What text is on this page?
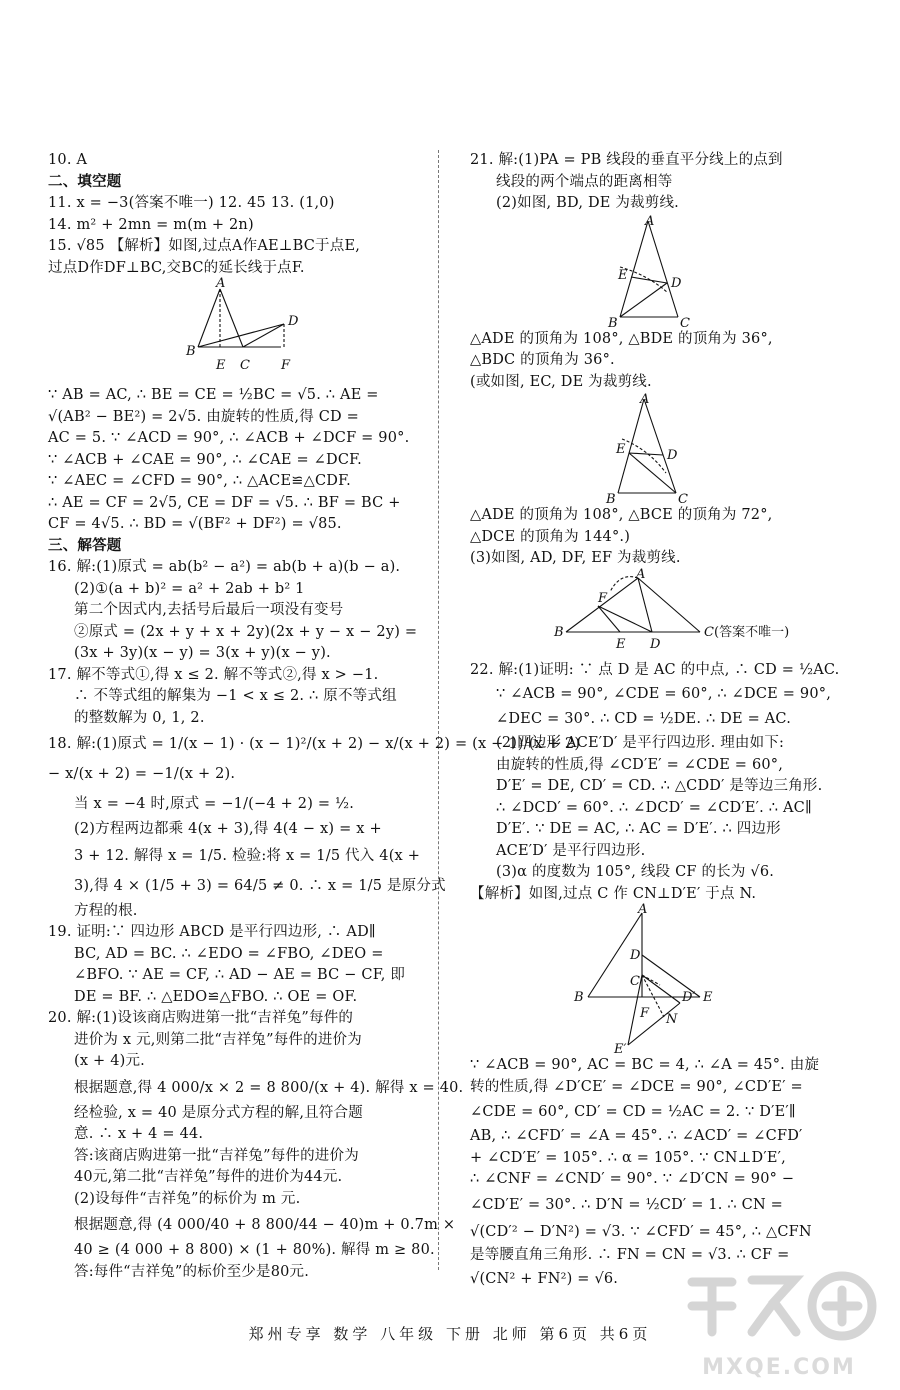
10. A
二、填空题
11. x = −3(答案不唯一) 12. 45 13. (1,0)
14. m² + 2mn = m(m + 2n)
15. √85 【解析】如图,过点A作AE⊥BC于点E,
过点D作DF⊥BC,交BC的延长线于点F.
A
D
B
E C F
∵ AB = AC, ∴ BE = CE = ½BC = √5. ∴ AE =
√(AB² − BE²) = 2√5. 由旋转的性质,得 CD =
AC = 5. ∵ ∠ACD = 90°, ∴ ∠ACB + ∠DCF = 90°.
∵ ∠ACB + ∠CAE = 90°, ∴ ∠CAE = ∠DCF.
∵ ∠AEC = ∠CFD = 90°, ∴ △ACE≌△CDF.
∴ AE = CF = 2√5, CE = DF = √5. ∴ BF = BC +
CF = 4√5. ∴ BD = √(BF² + DF²) = √85.
三、解答题
16. 解:(1)原式 = ab(b² − a²) = ab(b + a)(b − a).
(2)①(a + b)² = a² + 2ab + b² 1
第二个因式内,去括号后最后一项没有变号
②原式 = (2x + y + x + 2y)(2x + y − x − 2y) =
(3x + 3y)(x − y) = 3(x + y)(x − y).
17. 解不等式①,得 x ≤ 2. 解不等式②,得 x > −1.
∴ 不等式组的解集为 −1 < x ≤ 2. ∴ 原不等式组
的整数解为 0, 1, 2.
18. 解:(1)原式 = 1/(x − 1) · (x − 1)²/(x + 2) − x/(x + 2) = (x − 1)/(x + 2)
− x/(x + 2) = −1/(x + 2).
当 x = −4 时,原式 = −1/(−4 + 2) = ½.
(2)方程两边都乘 4(x + 3),得 4(4 − x) = x +
3 + 12. 解得 x = 1/5. 检验:将 x = 1/5 代入 4(x +
3),得 4 × (1/5 + 3) = 64/5 ≠ 0. ∴ x = 1/5 是原分式
方程的根.
19. 证明:∵ 四边形 ABCD 是平行四边形, ∴ AD∥
BC, AD = BC. ∴ ∠EDO = ∠FBO, ∠DEO =
∠BFO. ∵ AE = CF, ∴ AD − AE = BC − CF, 即
DE = BF. ∴ △EDO≌△FBO. ∴ OE = OF.
20. 解:(1)设该商店购进第一批“吉祥兔”每件的
进价为 x 元,则第二批“吉祥兔”每件的进价为
(x + 4)元.
根据题意,得 4 000/x × 2 = 8 800/(x + 4). 解得 x = 40.
经检验, x = 40 是原分式方程的解,且符合题
意. ∴ x + 4 = 44.
答:该商店购进第一批“吉祥兔”每件的进价为
40元,第二批“吉祥兔”每件的进价为44元.
(2)设每件“吉祥兔”的标价为 m 元.
根据题意,得 (4 000/40 + 8 800/44 − 40)m + 0.7m ×
40 ≥ (4 000 + 8 800) × (1 + 80%). 解得 m ≥ 80.
答:每件“吉祥兔”的标价至少是80元.
21. 解:(1)PA = PB 线段的垂直平分线上的点到
线段的两个端点的距离相等
(2)如图, BD, DE 为裁剪线.
A
E
D
B	C
△ADE 的顶角为 108°, △BDE 的顶角为 36°,
△BDC 的顶角为 36°.
(或如图, EC, DE 为裁剪线.
A
E	D
B	C
△ADE 的顶角为 108°, △BCE 的顶角为 72°,
△DCE 的顶角为 144°.)
(3)如图, AD, DF, EF 为裁剪线.
A
F
B
E D
C (答案不唯一)
22. 解:(1)证明: ∵ 点 D 是 AC 的中点, ∴ CD = ½AC.
∵ ∠ACB = 90°, ∠CDE = 60°, ∴ ∠DCE = 90°,
∠DEC = 30°. ∴ CD = ½DE. ∴ DE = AC.
(2)四边形 ACE′D′ 是平行四边形. 理由如下:
由旋转的性质,得 ∠CD′E′ = ∠CDE = 60°,
D′E′ = DE, CD′ = CD. ∴ △CDD′ 是等边三角形.
∴ ∠DCD′ = 60°. ∴ ∠DCD′ = ∠CD′E′. ∴ AC∥
D′E′. ∵ DE = AC, ∴ AC = D′E′. ∴ 四边形
ACE′D′ 是平行四边形.
(3)α 的度数为 105°, 线段 CF 的长为 √6.
【解析】如图,过点 C 作 CN⊥D′E′ 于点 N.
A
D
C
B	D′ E
N
F
E′
∵ ∠ACB = 90°, AC = BC = 4, ∴ ∠A = 45°. 由旋
转的性质,得 ∠D′CE′ = ∠DCE = 90°, ∠CD′E′ =
∠CDE = 60°, CD′ = CD = ½AC = 2. ∵ D′E′∥
AB, ∴ ∠CFD′ = ∠A = 45°. ∴ ∠ACD′ = ∠CFD′
+ ∠CD′E′ = 105°. ∴ α = 105°. ∵ CN⊥D′E′,
∴ ∠CNF = ∠CND′ = 90°. ∵ ∠D′CN = 90° −
∠CD′E′ = 30°. ∴ D′N = ½CD′ = 1. ∴ CN =
√(CD′² − D′N²) = √3. ∵ ∠CFD′ = 45°, ∴ △CFN
是等腰直角三角形. ∴ FN = CN = √3. ∴ CF =
√(CN² + FN²) = √6.
郑州专享 数学 八年级 下册 北师 第6页 共6页
MXQE.COM
